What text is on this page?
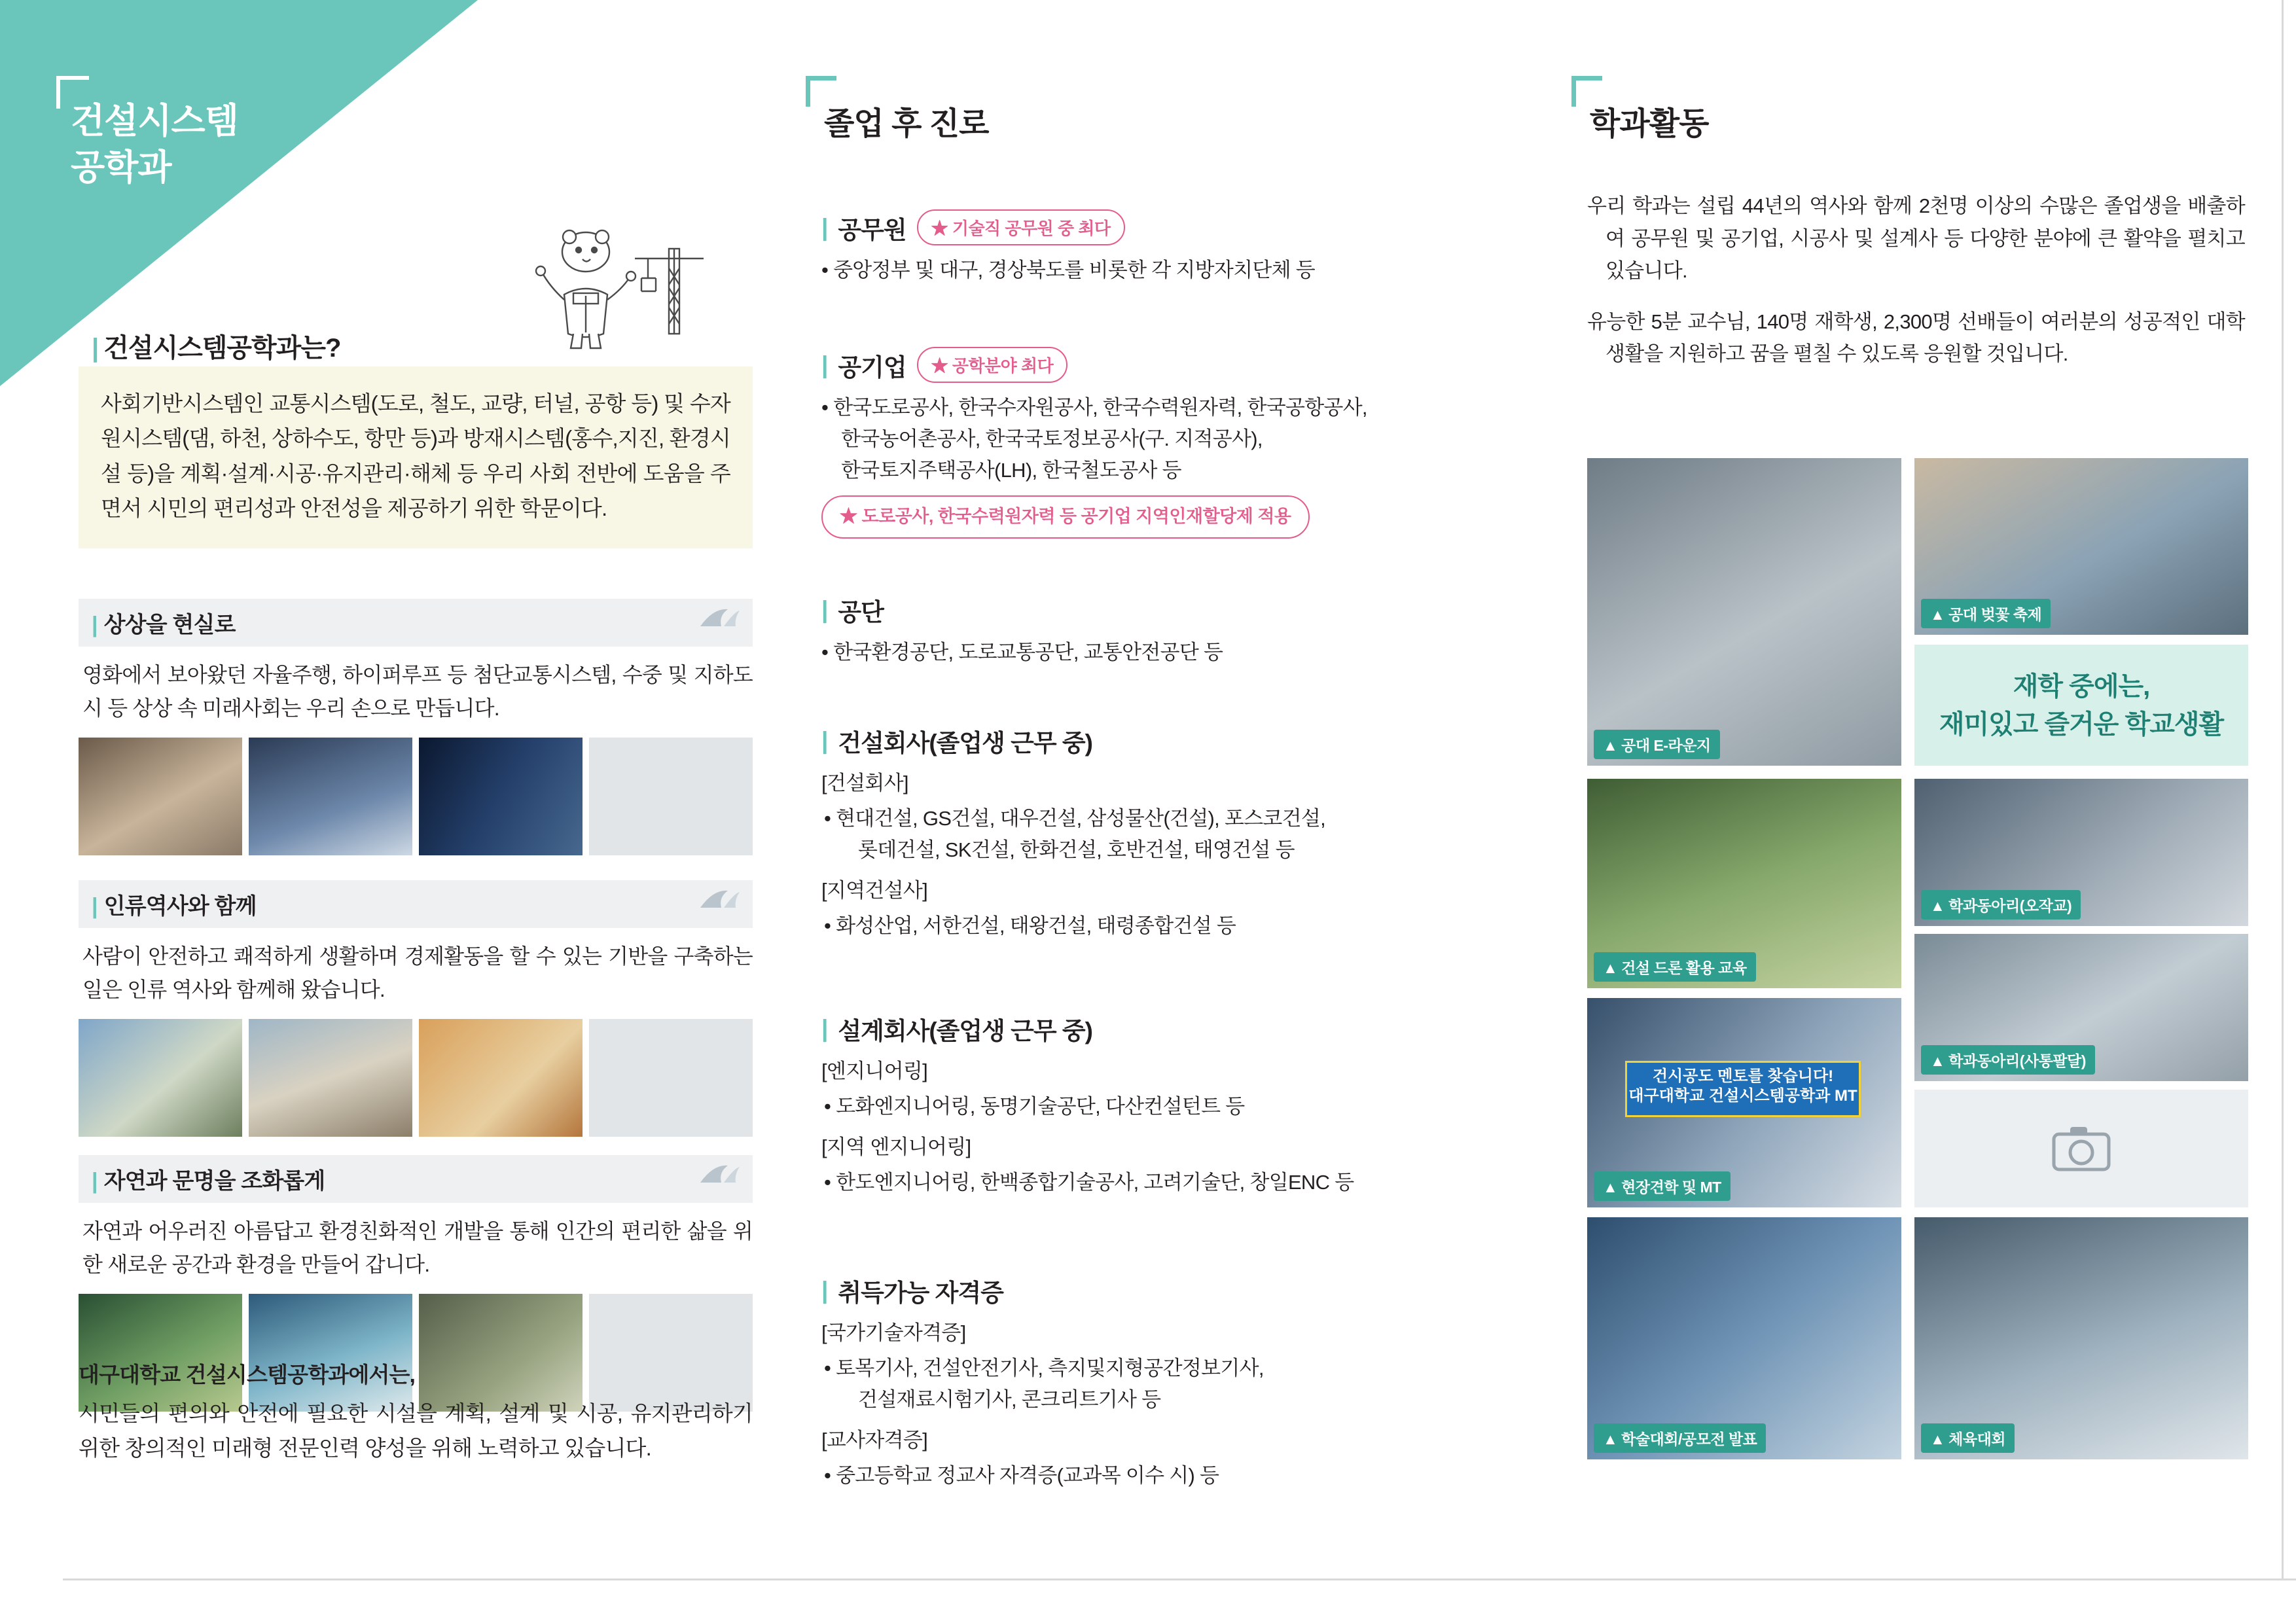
건설시스템
공학과
| 건설시스템공학과는?
사회기반시스템인 교통시스템(도로, 철도, 교량, 터널, 공항 등) 및 수자원시스템(댐, 하천, 상하수도, 항만 등)과 방재시스템(홍수,지진, 환경시설 등)을 계획·설계·시공·유지관리·해체 등 우리 사회 전반에 도움을 주면서 시민의 편리성과 안전성을 제공하기 위한 학문이다.
| 상상을 현실로
영화에서 보아왔던 자율주행, 하이퍼루프 등 첨단교통시스템, 수중 및 지하도시 등 상상 속 미래사회는 우리 손으로 만듭니다.
| 인류역사와 함께
사람이 안전하고 쾌적하게 생활하며 경제활동을 할 수 있는 기반을 구축하는 일은 인류 역사와 함께해 왔습니다.
| 자연과 문명을 조화롭게
자연과 어우러진 아름답고 환경친화적인 개발을 통해 인간의 편리한 삶을 위한 새로운 공간과 환경을 만들어 갑니다.
대구대학교 건설시스템공학과에서는,
시민들의 편의와 안전에 필요한 시설을 계획, 설계 및 시공, 유지관리하기 위한 창의적인 미래형 전문인력 양성을 위해 노력하고 있습니다.
졸업 후 진로
| 공무원	★ 기술직 공무원 중 최다
• 중앙정부 및 대구, 경상북도를 비롯한 각 지방자치단체 등
| 공기업	★ 공학분야 최다
• 한국도로공사, 한국수자원공사, 한국수력원자력, 한국공항공사,
한국농어촌공사, 한국국토정보공사(구. 지적공사),
한국토지주택공사(LH), 한국철도공사 등
★ 도로공사, 한국수력원자력 등 공기업 지역인재할당제 적용
| 공단
• 한국환경공단, 도로교통공단, 교통안전공단 등
| 건설회사(졸업생 근무 중)
[건설회사]
• 현대건설, GS건설, 대우건설, 삼성물산(건설), 포스코건설,
롯데건설, SK건설, 한화건설, 호반건설, 태영건설 등
[지역건설사]
• 화성산업, 서한건설, 태왕건설, 태령종합건설 등
| 설계회사(졸업생 근무 중)
[엔지니어링]
• 도화엔지니어링, 동명기술공단, 다산컨설턴트 등
[지역 엔지니어링]
• 한도엔지니어링, 한백종합기술공사, 고려기술단, 창일ENC 등
| 취득가능 자격증
[국가기술자격증]
• 토목기사, 건설안전기사, 측지및지형공간정보기사,
건설재료시험기사, 콘크리트기사 등
[교사자격증]
• 중고등학교 정교사 자격증(교과목 이수 시) 등
학과활동
우리 학과는 설립 44년의 역사와 함께 2천명 이상의 수많은 졸업생을 배출하여 공무원 및 공기업, 시공사 및 설계사 등 다양한 분야에 큰 활약을 펼치고 있습니다.
유능한 5분 교수님, 140명 재학생, 2,300명 선배들이 여러분의 성공적인 대학생활을 지원하고 꿈을 펼칠 수 있도록 응원할 것입니다.
▲ 공대 E-라운지
▲ 공대 벚꽃 축제
재학 중에는,
재미있고 즐거운 학교생활
▲ 건설 드론 활용 교육
▲ 학과동아리(오작교)
▲ 학과동아리(사통팔달)
건시공도 멘토를 찾습니다!
대구대학교 건설시스템공학과 MT
▲ 현장견학 및 MT
▲ 학술대회/공모전 발표	▲ 체육대회
